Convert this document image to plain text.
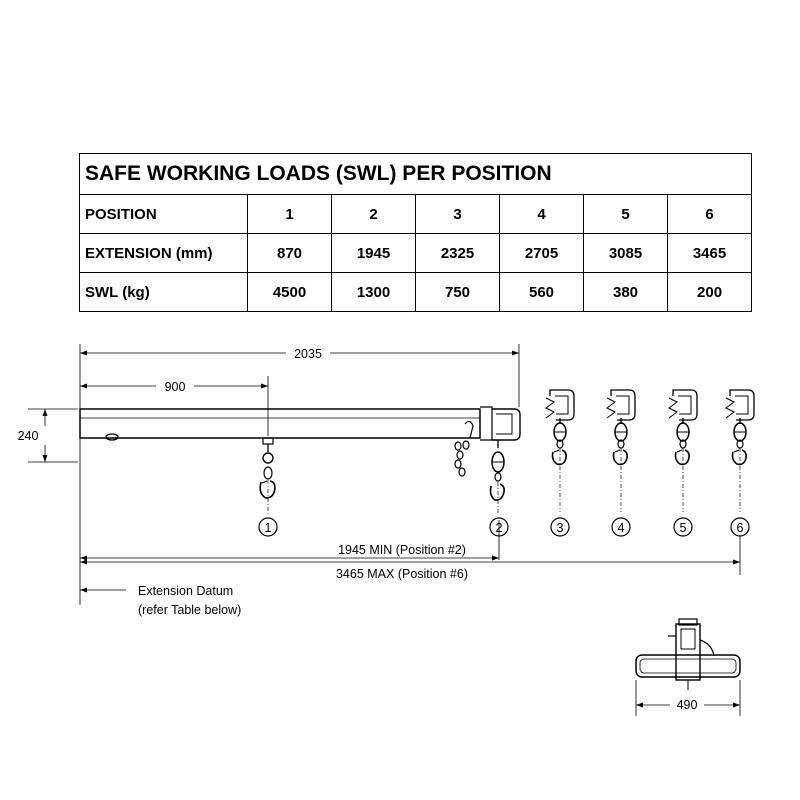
SAFE WORKING LOADS (SWL) PER POSITION						
POSITION	1	2	3	4	5	6
EXTENSION (mm)	870	1945	2325	2705	3085	3465
SWL (kg)	4500	1300	750	560	380	200
1	2	3	4	5	6
2035
900
240
1945 MIN (Position #2)
3465 MAX (Position #6)
Extension Datum
(refer Table below)
490
